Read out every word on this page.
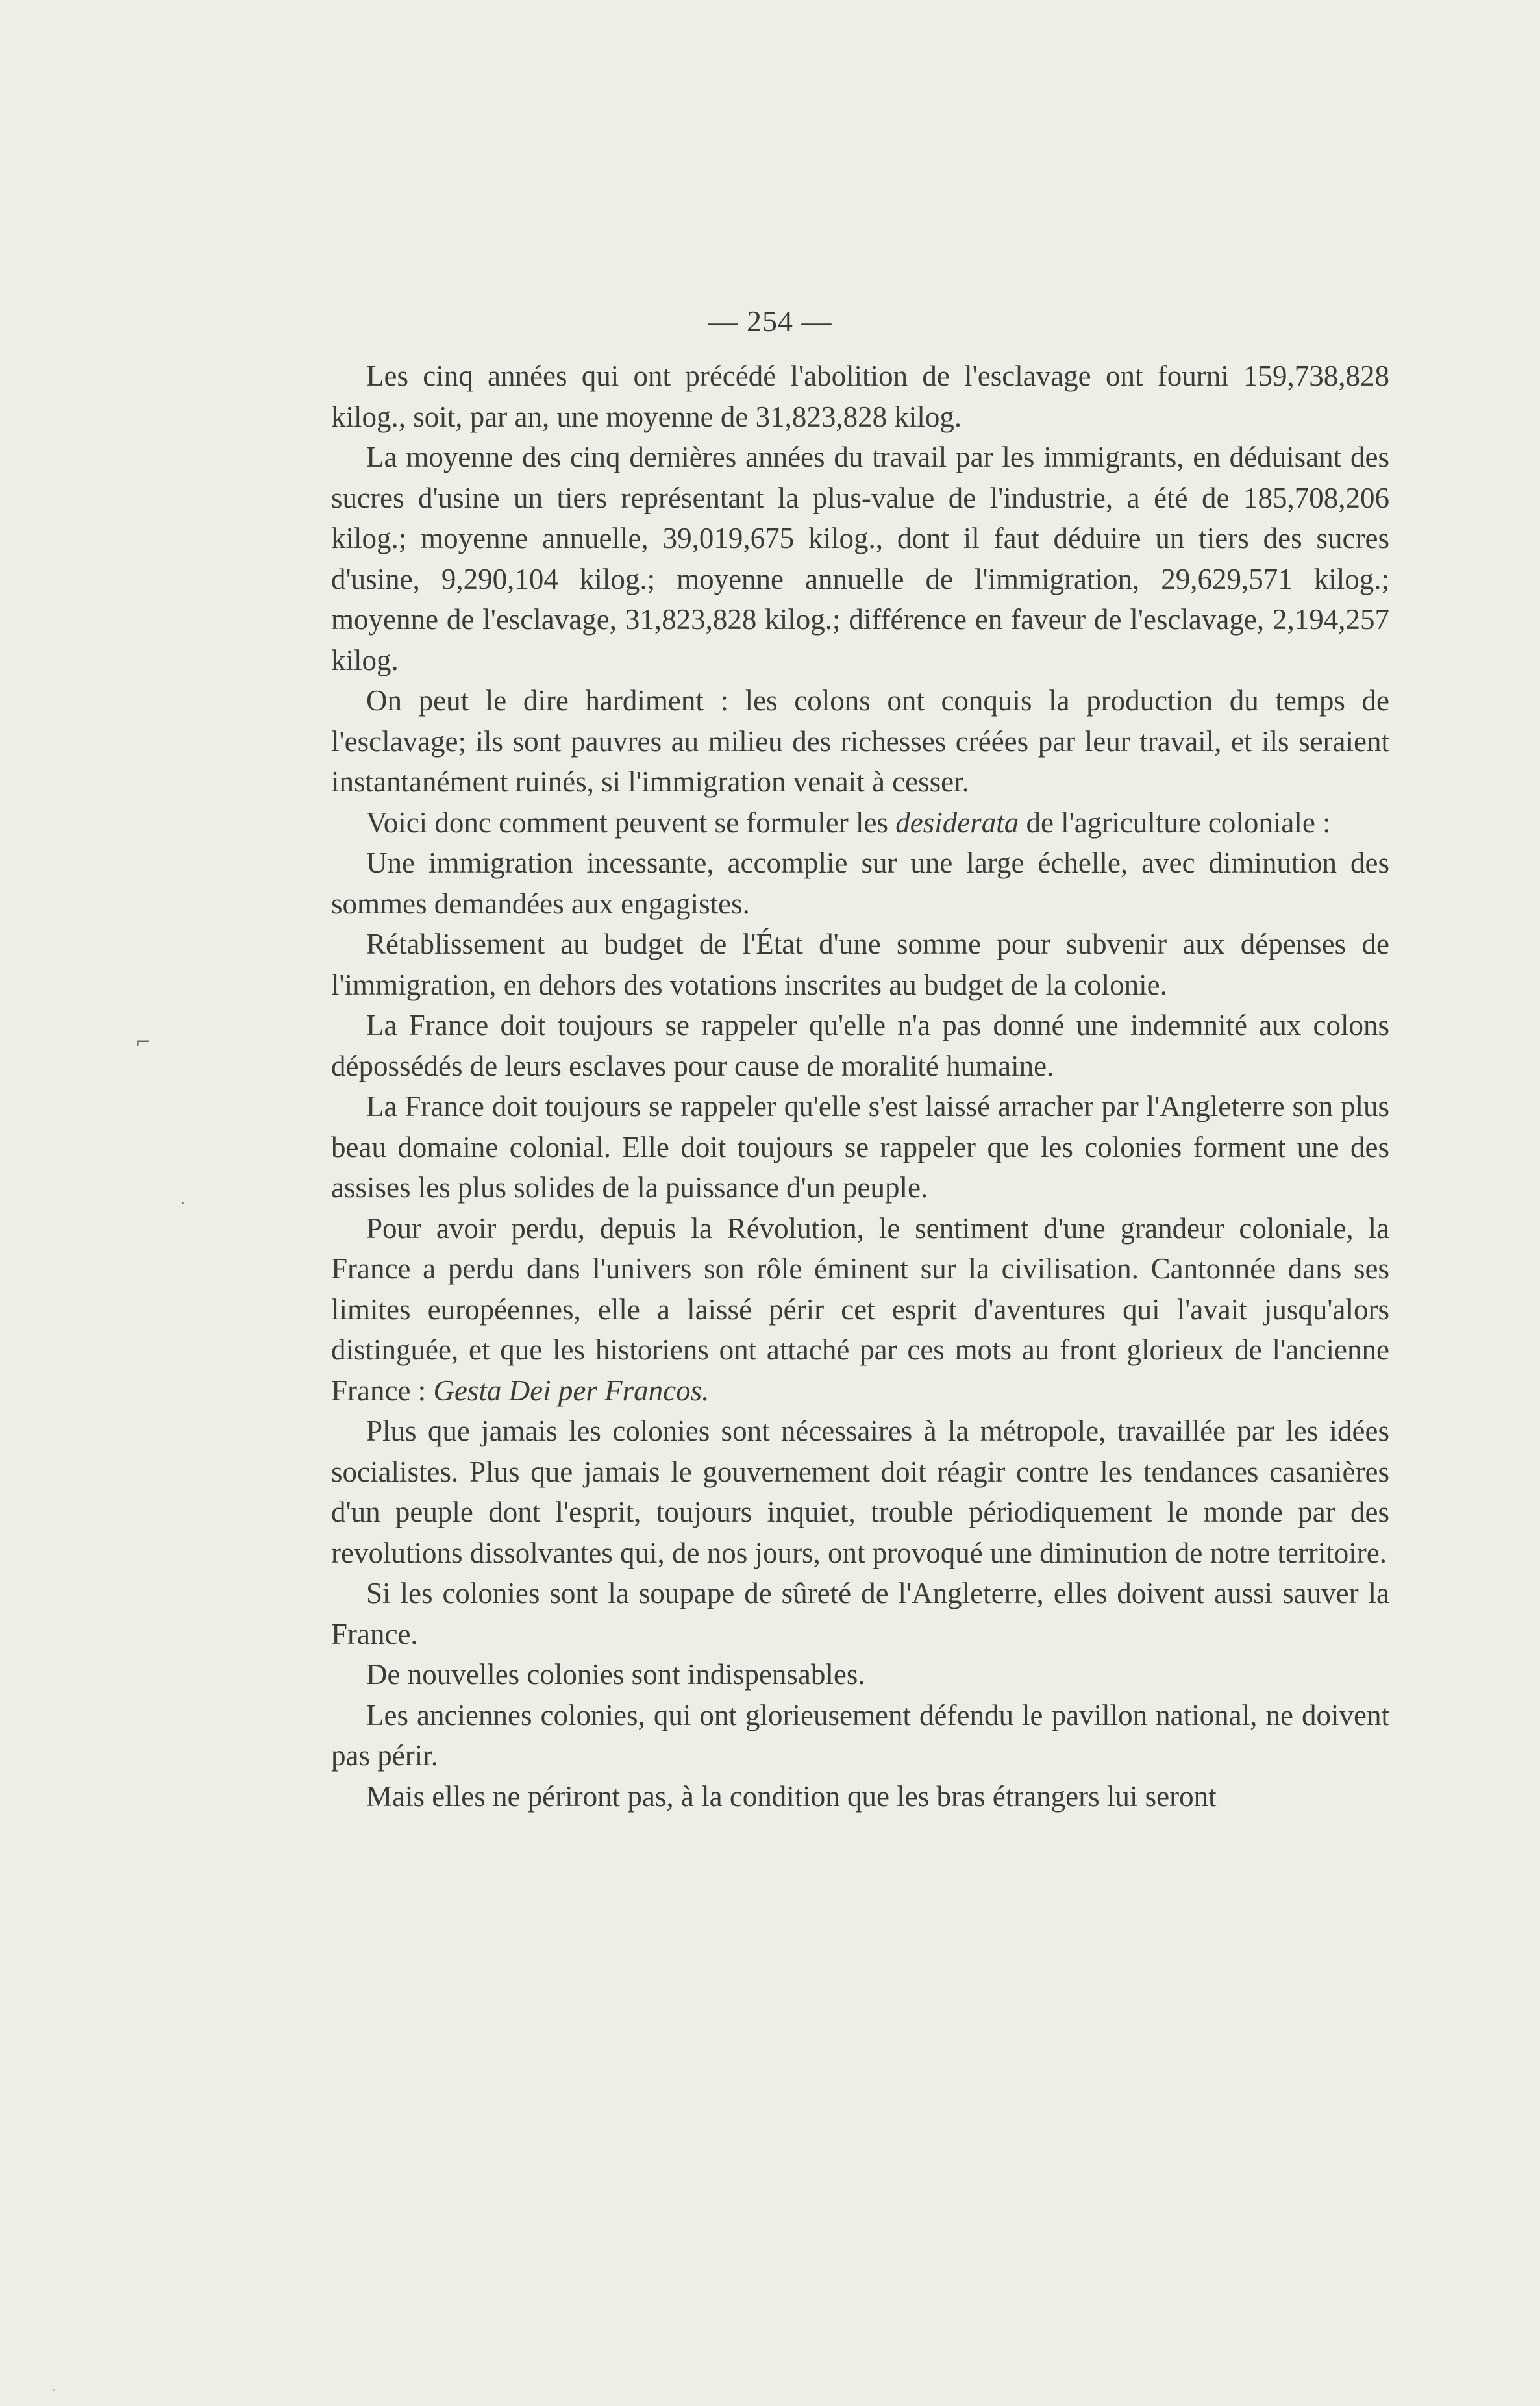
— 254 —

Les cinq années qui ont précédé l'abolition de l'esclavage ont fourni 159,738,828 kilog., soit, par an, une moyenne de 31,823,828 kilog.

La moyenne des cinq dernières années du travail par les immigrants, en déduisant des sucres d'usine un tiers représentant la plus-value de l'industrie, a été de 185,708,206 kilog.; moyenne annuelle, 39,019,675 kilog., dont il faut déduire un tiers des sucres d'usine, 9,290,104 kilog.; moyenne annuelle de l'immigration, 29,629,571 kilog.; moyenne de l'esclavage, 31,823,828 kilog.; différence en faveur de l'esclavage, 2,194,257 kilog.

On peut le dire hardiment : les colons ont conquis la production du temps de l'esclavage; ils sont pauvres au milieu des richesses créées par leur travail, et ils seraient instantanément ruinés, si l'immigration venait à cesser.

Voici donc comment peuvent se formuler les desiderata de l'agriculture coloniale :

Une immigration incessante, accomplie sur une large échelle, avec diminution des sommes demandées aux engagistes.

Rétablissement au budget de l'État d'une somme pour subvenir aux dépenses de l'immigration, en dehors des votations inscrites au budget de la colonie.

La France doit toujours se rappeler qu'elle n'a pas donné une indemnité aux colons dépossédés de leurs esclaves pour cause de moralité humaine.

La France doit toujours se rappeler qu'elle s'est laissé arracher par l'Angleterre son plus beau domaine colonial. Elle doit toujours se rappeler que les colonies forment une des assises les plus solides de la puissance d'un peuple.

Pour avoir perdu, depuis la Révolution, le sentiment d'une grandeur coloniale, la France a perdu dans l'univers son rôle éminent sur la civilisation. Cantonnée dans ses limites européennes, elle a laissé périr cet esprit d'aventures qui l'avait jusqu'alors distinguée, et que les historiens ont attaché par ces mots au front glorieux de l'ancienne France : Gesta Dei per Francos.

Plus que jamais les colonies sont nécessaires à la métropole, travaillée par les idées socialistes. Plus que jamais le gouvernement doit réagir contre les tendances casanières d'un peuple dont l'esprit, toujours inquiet, trouble périodiquement le monde par des revolutions dissolvantes qui, de nos jours, ont provoqué une diminution de notre territoire.

Si les colonies sont la soupape de sûreté de l'Angleterre, elles doivent aussi sauver la France.

De nouvelles colonies sont indispensables.

Les anciennes colonies, qui ont glorieusement défendu le pavillon national, ne doivent pas périr.

Mais elles ne périront pas, à la condition que les bras étrangers lui seront

⌐
·
·
